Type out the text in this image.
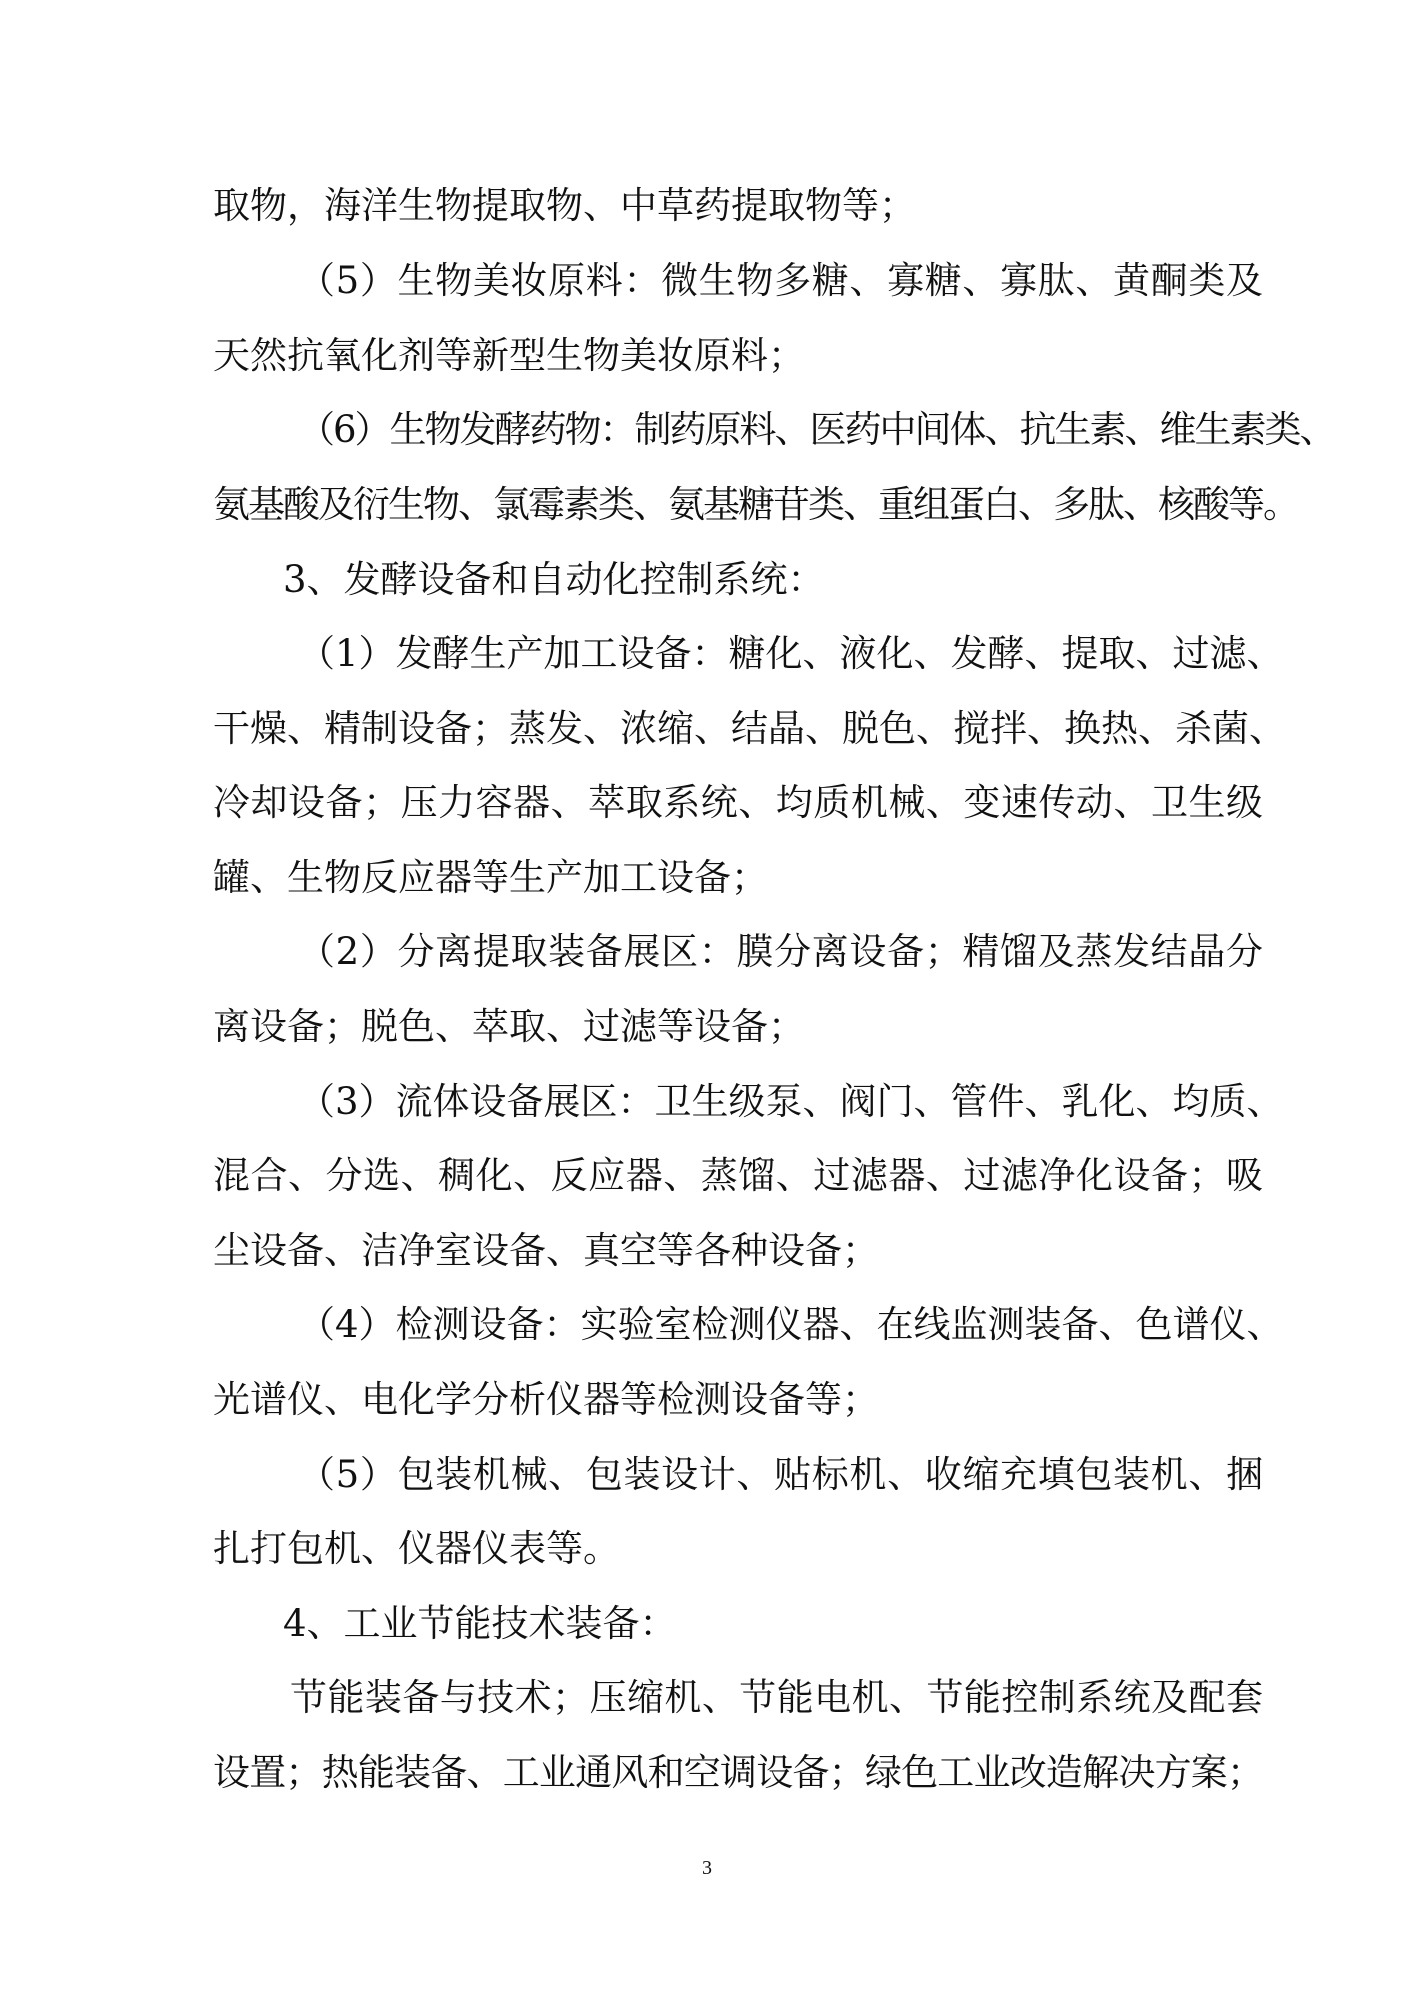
取物，海洋生物提取物、中草药提取物等；
（5）生物美妆原料：微生物多糖、寡糖、寡肽、黄酮类及
天然抗氧化剂等新型生物美妆原料；
（6）生物发酵药物：制药原料、医药中间体、抗生素、维生素类、
氨基酸及衍生物、氯霉素类、氨基糖苷类、重组蛋白、多肽、核酸等。
3、发酵设备和自动化控制系统：
（1）发酵生产加工设备：糖化、液化、发酵、提取、过滤、
干燥、精制设备；蒸发、浓缩、结晶、脱色、搅拌、换热、杀菌、
冷却设备；压力容器、萃取系统、均质机械、变速传动、卫生级
罐、生物反应器等生产加工设备；
（2）分离提取装备展区：膜分离设备；精馏及蒸发结晶分
离设备；脱色、萃取、过滤等设备；
（3）流体设备展区：卫生级泵、阀门、管件、乳化、均质、
混合、分选、稠化、反应器、蒸馏、过滤器、过滤净化设备；吸
尘设备、洁净室设备、真空等各种设备；
（4）检测设备：实验室检测仪器、在线监测装备、色谱仪、
光谱仪、电化学分析仪器等检测设备等；
（5）包装机械、包装设计、贴标机、收缩充填包装机、捆
扎打包机、仪器仪表等。
4、工业节能技术装备：
节能装备与技术；压缩机、节能电机、节能控制系统及配套
设置；热能装备、工业通风和空调设备；绿色工业改造解决方案；
3
